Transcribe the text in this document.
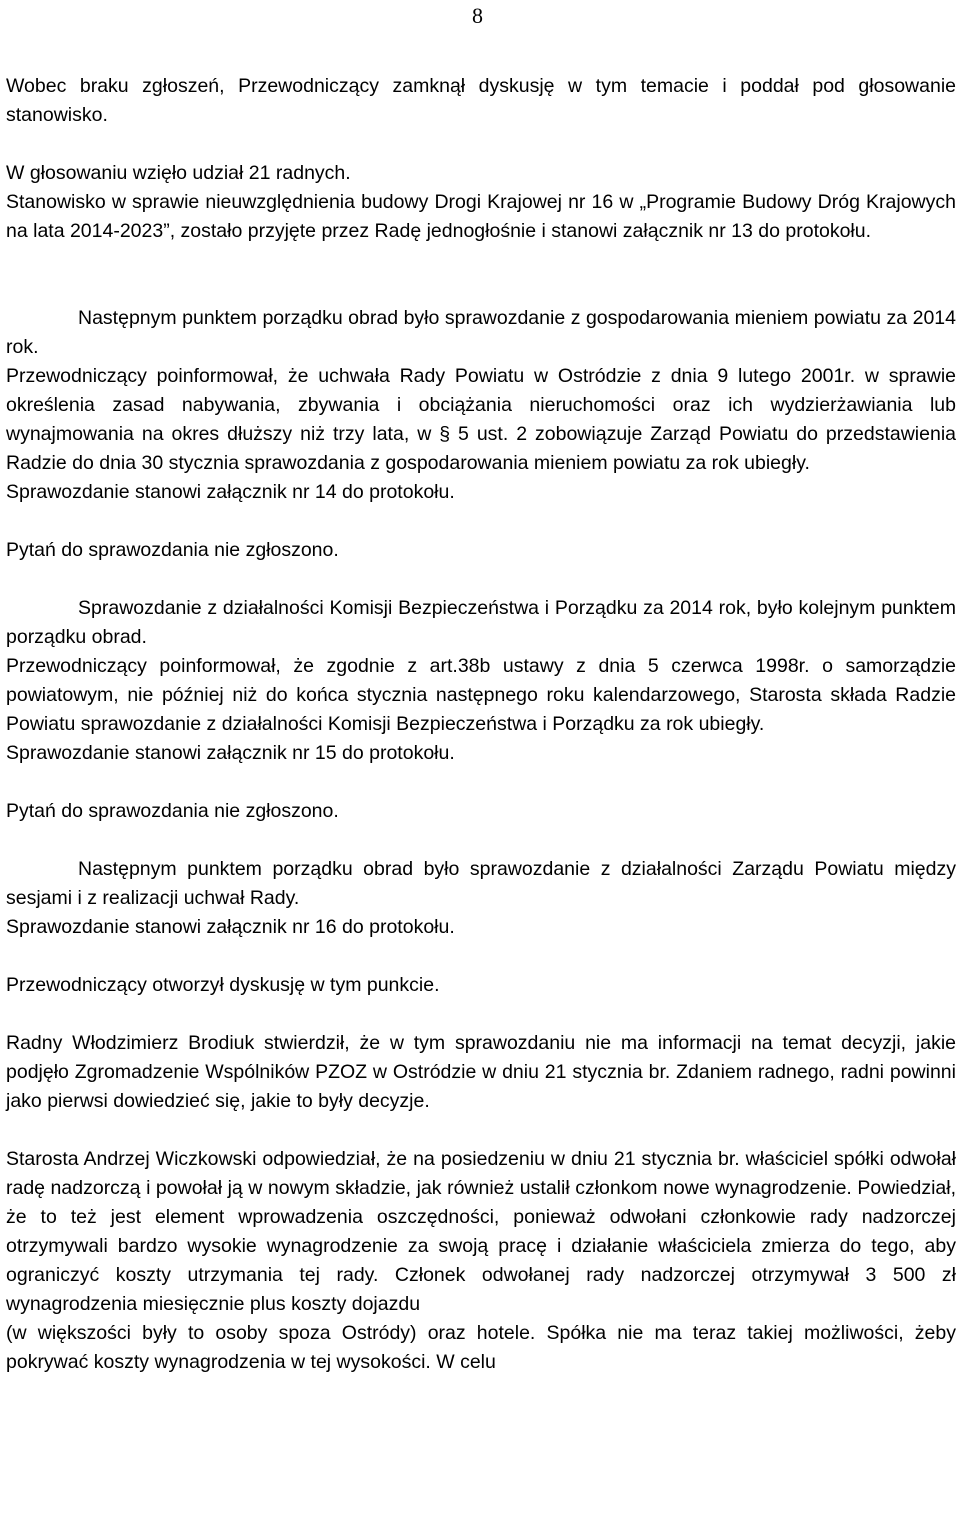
8

Wobec braku zgłoszeń, Przewodniczący zamknął dyskusję w tym temacie i poddał pod głosowanie stanowisko.

W głosowaniu wzięło udział 21 radnych.

Stanowisko w sprawie nieuwzględnienia budowy Drogi Krajowej nr 16 w „Programie Budowy Dróg Krajowych na lata 2014-2023”, zostało przyjęte przez Radę jednogłośnie i stanowi załącznik nr 13 do protokołu.

Następnym punktem porządku obrad było sprawozdanie z gospodarowania mieniem powiatu za 2014 rok.

Przewodniczący poinformował, że uchwała Rady Powiatu w Ostródzie z dnia 9 lutego 2001r. w sprawie określenia zasad nabywania, zbywania i obciążania nieruchomości oraz ich wydzierżawiania lub wynajmowania na okres dłuższy niż trzy lata, w § 5 ust. 2 zobowiązuje Zarząd Powiatu do przedstawienia Radzie do dnia 30 stycznia sprawozdania z gospodarowania mieniem powiatu za rok ubiegły.

Sprawozdanie stanowi załącznik nr 14 do protokołu.

Pytań do sprawozdania nie zgłoszono.

Sprawozdanie z działalności Komisji Bezpieczeństwa i Porządku za 2014 rok, było kolejnym punktem porządku obrad.

Przewodniczący poinformował, że zgodnie z art.38b ustawy z dnia 5 czerwca 1998r. o samorządzie powiatowym, nie później niż do końca stycznia następnego roku kalendarzowego, Starosta składa Radzie Powiatu sprawozdanie z działalności Komisji Bezpieczeństwa i Porządku za rok ubiegły.

Sprawozdanie stanowi załącznik nr 15 do protokołu.

Pytań do sprawozdania nie zgłoszono.

Następnym punktem porządku obrad było sprawozdanie z działalności Zarządu Powiatu między sesjami i z realizacji uchwał Rady.

Sprawozdanie stanowi załącznik nr 16 do protokołu.

Przewodniczący otworzył dyskusję w tym punkcie.

Radny Włodzimierz Brodiuk stwierdził, że w tym sprawozdaniu nie ma informacji na temat decyzji, jakie podjęło Zgromadzenie Wspólników PZOZ w Ostródzie w dniu 21 stycznia br. Zdaniem radnego, radni powinni jako pierwsi dowiedzieć się, jakie to były decyzje.

Starosta Andrzej Wiczkowski odpowiedział, że na posiedzeniu w dniu 21 stycznia br. właściciel spółki odwołał radę nadzorczą i powołał ją w nowym składzie, jak również ustalił członkom nowe wynagrodzenie. Powiedział, że to też jest element wprowadzenia oszczędności, ponieważ odwołani członkowie rady nadzorczej otrzymywali bardzo wysokie wynagrodzenie za swoją pracę i działanie właściciela zmierza do tego, aby ograniczyć koszty utrzymania tej rady. Członek odwołanej rady nadzorczej otrzymywał 3 500 zł wynagrodzenia miesięcznie plus koszty dojazdu

(w większości były to osoby spoza Ostródy) oraz hotele. Spółka nie ma teraz takiej możliwości, żeby pokrywać koszty wynagrodzenia w tej wysokości. W celu
